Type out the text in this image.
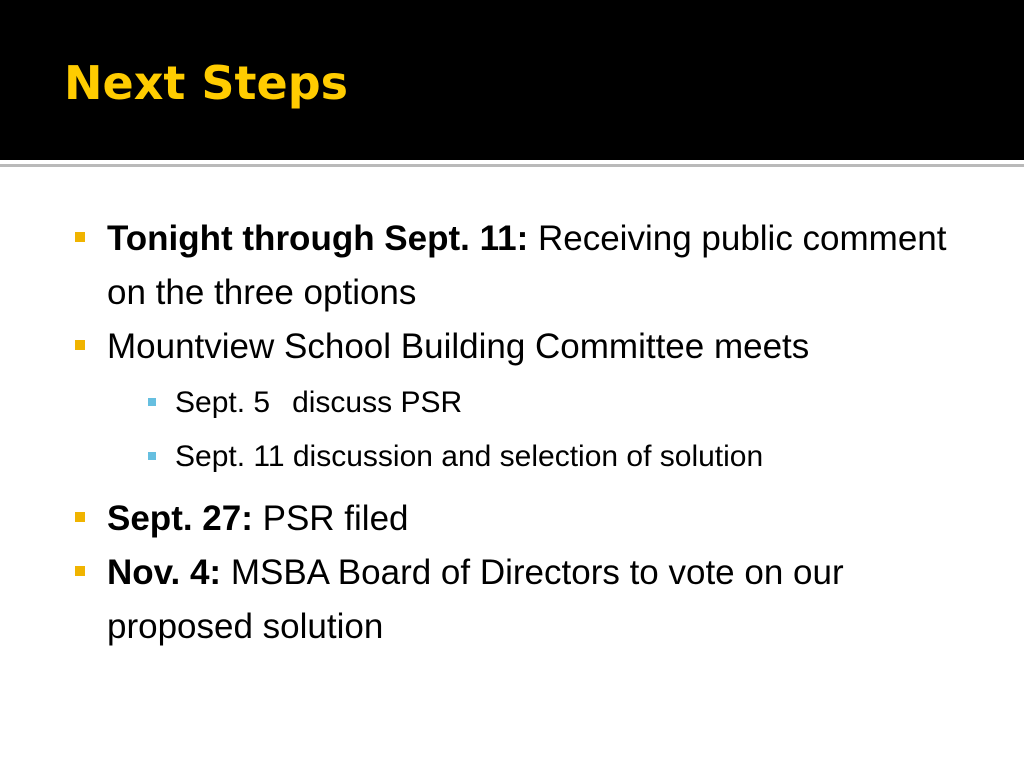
Next Steps
Tonight through Sept. 11: Receiving public comment on the three options
Mountview School Building Committee meets
Sept. 5 discuss PSR
Sept. 11 discussion and selection of solution
Sept. 27: PSR filed
Nov. 4: MSBA Board of Directors to vote on our proposed solution
